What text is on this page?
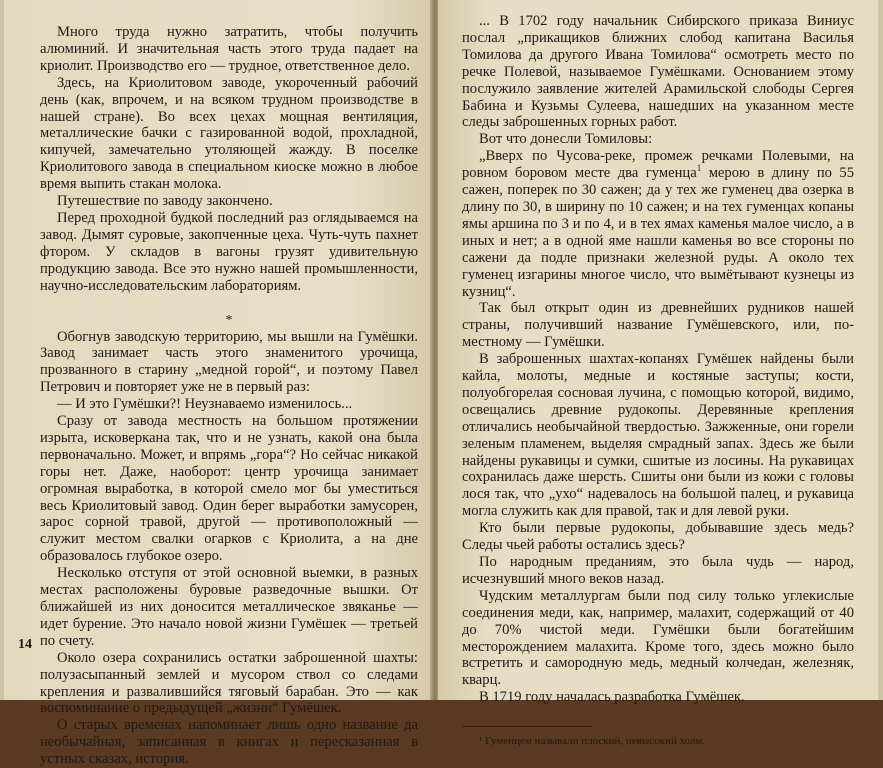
Много труда нужно затратить, чтобы получить алюминий. И значительная часть этого труда падает на криолит. Производство его — трудное, ответственное дело.

Здесь, на Криолитовом заводе, укороченный рабочий день (как, впрочем, и на всяком трудном производстве в нашей стране). Во всех цехах мощная вентиляция, металлические бачки с газированной водой, прохладной, кипучей, замечательно утоляющей жажду. В поселке Криолитового завода в специальном киоске можно в любое время выпить стакан молока.

Путешествие по заводу закончено.

Перед проходной будкой последний раз оглядываемся на завод. Дымят суровые, закопченные цеха. Чуть-чуть пахнет фтором. У складов в вагоны грузят удивительную продукцию завода. Все это нужно нашей промышленности, научно-исследовательским лабораториям.

*

Обогнув заводскую территорию, мы вышли на Гумёшки. Завод занимает часть этого знаменитого урочища, прозванного в старину „медной горой“, и поэтому Павел Петрович и повторяет уже не в первый раз:

— И это Гумёшки?! Неузнаваемо изменилось...

Сразу от завода местность на большом протяжении изрыта, исковеркана так, что и не узнать, какой она была первоначально. Может, и впрямь „гора“? Но сейчас никакой горы нет. Даже, наоборот: центр урочища занимает огромная выработка, в которой смело мог бы уместиться весь Криолитовый завод. Один берег выработки замусорен, зарос сорной травой, другой — противоположный — служит местом свалки огарков с Криолита, а на дне образовалось глубокое озеро.

Несколько отступя от этой основной выемки, в разных местах расположены буровые разведочные вышки. От ближайшей из них доносится металлическое звяканье — идет бурение. Это начало новой жизни Гумёшек — третьей по счету.

Около озера сохранились остатки заброшенной шахты: полузасыпанный землей и мусором ствол со следами крепления и развалившийся тяговый барабан. Это — как воспоминание о предыдущей „жизни“ Гумёшек.

О старых временах напоминает лишь одно название да необычайная, записанная в книгах и пересказанная в устных сказах, история.

14

... В 1702 году начальник Сибирского приказа Виниус послал „прикащиков ближних слобод капитана Василья Томилова да другого Ивана Томилова“ осмотреть место по речке Полевой, называемое Гумёшками. Основанием этому послужило заявление жителей Арамильской слободы Сергея Бабина и Кузьмы Сулеева, нашедших на указанном месте следы заброшенных горных работ.

Вот что донесли Томиловы:

„Вверх по Чусова-реке, промеж речками Полевыми, на ровном боровом месте два гуменца$^1$ мерою в длину по 55 сажен, поперек по 30 сажен; да у тех же гуменец два озерка в длину по 30, в ширину по 10 сажен; и на тех гуменцах копаны ямы аршина по 3 и по 4, и в тех ямах каменья малое число, а в иных и нет; а в одной яме нашли каменья во все стороны по сажени да подле признаки железной руды. А около тех гуменец изгарины многое число, что вымётывают кузнецы из кузниц“.

Так был открыт один из древнейших рудников нашей страны, получивший название Гумёшевского, или, по-местному — Гумёшки.

В заброшенных шахтах-копанях Гумёшек найдены были кайла, молоты, медные и костяные заступы; кости, полуобгорелая сосновая лучина, с помощью которой, видимо, освещались древние рудокопы. Деревянные крепления отличались необычайной твердостью. Зажженные, они горели зеленым пламенем, выделяя смрадный запах. Здесь же были найдены рукавицы и сумки, сшитые из лосины. На рукавицах сохранилась даже шерсть. Сшиты они были из кожи с головы лося так, что „ухо“ надевалось на большой палец, и рукавица могла служить как для правой, так и для левой руки.

Кто были первые рудокопы, добывавшие здесь медь? Следы чьей работы остались здесь?

По народным преданиям, это была чудь — народ, исчезнувший много веков назад.

Чудским металлургам были под силу только углекислые соединения меди, как, например, малахит, содержащий от 40 до 70% чистой меди. Гумёшки были богатейшим месторождением малахита. Кроме того, здесь можно было встретить и самородную медь, медный колчедан, железняк, кварц.

В 1719 году началась разработка Гумёшек.

¹ Гуменцем называли плоский, невысокий холм.
